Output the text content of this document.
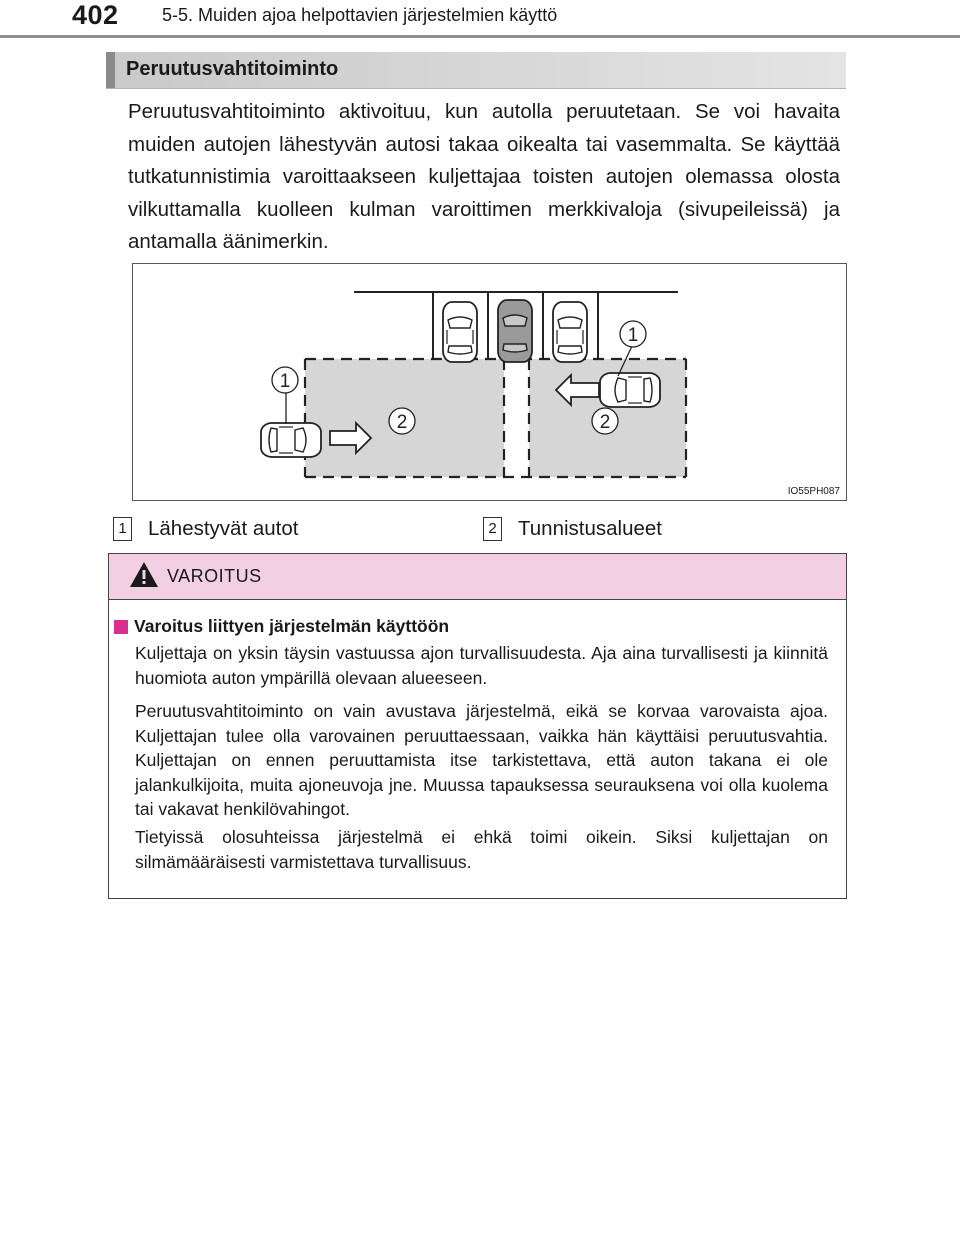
402 5-5. Muiden ajoa helpottavien järjestelmien käyttö
Peruutusvahtitoiminto
Peruutusvahtitoiminto aktivoituu, kun autolla peruutetaan. Se voi havaita muiden autojen lähestyvän autosi takaa oikealta tai vasemmalta. Se käyttää tutkatunnistimia varoittaakseen kuljettajaa toisten autojen olemassa olosta vilkuttamalla kuolleen kulman varoittimen merkkivaloja (sivupeileissä) ja antamalla äänimerkin.
1
2
1
2
IO55PH087
1 Lähestyvät autot	2 Tunnistusalueet
VAROITUS
Varoitus liittyen järjestelmän käyttöön
Kuljettaja on yksin täysin vastuussa ajon turvallisuudesta. Aja aina turvallisesti ja kiinnitä huomiota auton ympärillä olevaan alueeseen.
Peruutusvahtitoiminto on vain avustava järjestelmä, eikä se korvaa varovaista ajoa. Kuljettajan tulee olla varovainen peruuttaessaan, vaikka hän käyttäisi peruutusvahtia. Kuljettajan on ennen peruuttamista itse tarkistettava, että auton takana ei ole jalankulkijoita, muita ajoneuvoja jne. Muussa tapauksessa seurauksena voi olla kuolema tai vakavat henkilövahingot.
Tietyissä olosuhteissa järjestelmä ei ehkä toimi oikein. Siksi kuljettajan on silmämääräisesti varmistettava turvallisuus.
